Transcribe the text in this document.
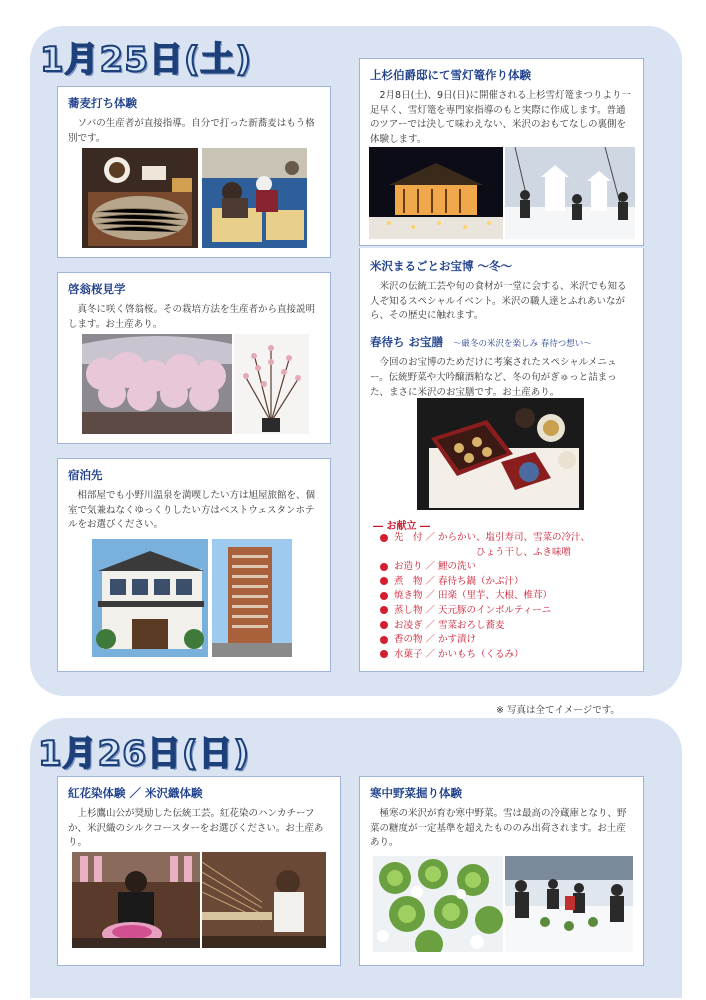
1月25日(土)
蕎麦打ち体験

ソバの生産者が直接指導。自分で打った新蕎麦はもう格別です。

啓翁桜見学

真冬に咲く啓翁桜。その栽培方法を生産者から直接説明します。お土産あり。

宿泊先

相部屋でも小野川温泉を満喫したい方は旭屋旅館を、個室で気兼ねなくゆっくりしたい方はベストウェスタンホテルをお選びください。

上杉伯爵邸にて雪灯篭作り体験

2月8日(土)、9日(日)に開催される上杉雪灯篭まつりより一足早く、雪灯篭を専門家指導のもと実際に作成します。普通のツアーでは決して味わえない、米沢のおもてなしの裏側を体験します。

米沢まるごとお宝博 〜冬〜

米沢の伝統工芸や旬の食材が一堂に会する、米沢でも知る人ぞ知るスペシャルイベント。米沢の職人達とふれあいながら、その歴史に触れます。

春待ち お宝膳 〜厳冬の米沢を楽しみ 春待つ想い〜

今回のお宝博のためだけに考案されたスペシャルメニュー。伝統野菜や大吟醸酒粕など、冬の旬がぎゅっと詰まった、まさに米沢のお宝膳です。お土産あり。

― お献立 ―
先　付 ／ からかい、塩引寿司、雪菜の冷汁、
ひょう干し、ふき味噌
お造り ／ 鯉の洗い
煮　物 ／ 春待ち鍋（かぶ汁）
焼き物 ／ 田楽（里芋、大根、椎茸）
蒸し物 ／ 天元豚のインボルティーニ
お凌ぎ ／ 雪菜おろし蕎麦
香の物 ／ かす漬け
水菓子 ／ かいもち（くるみ）
※ 写真は全てイメージです。
1月26日(日)
紅花染体験 ／ 米沢織体験

上杉鷹山公が奨励した伝統工芸。紅花染のハンカチーフか、米沢織のシルクコースターをお選びください。お土産あり。

寒中野菜掘り体験

極寒の米沢が育む寒中野菜。雪は最高の冷蔵庫となり、野菜の糖度が一定基準を超えたもののみ出荷されます。お土産あり。
